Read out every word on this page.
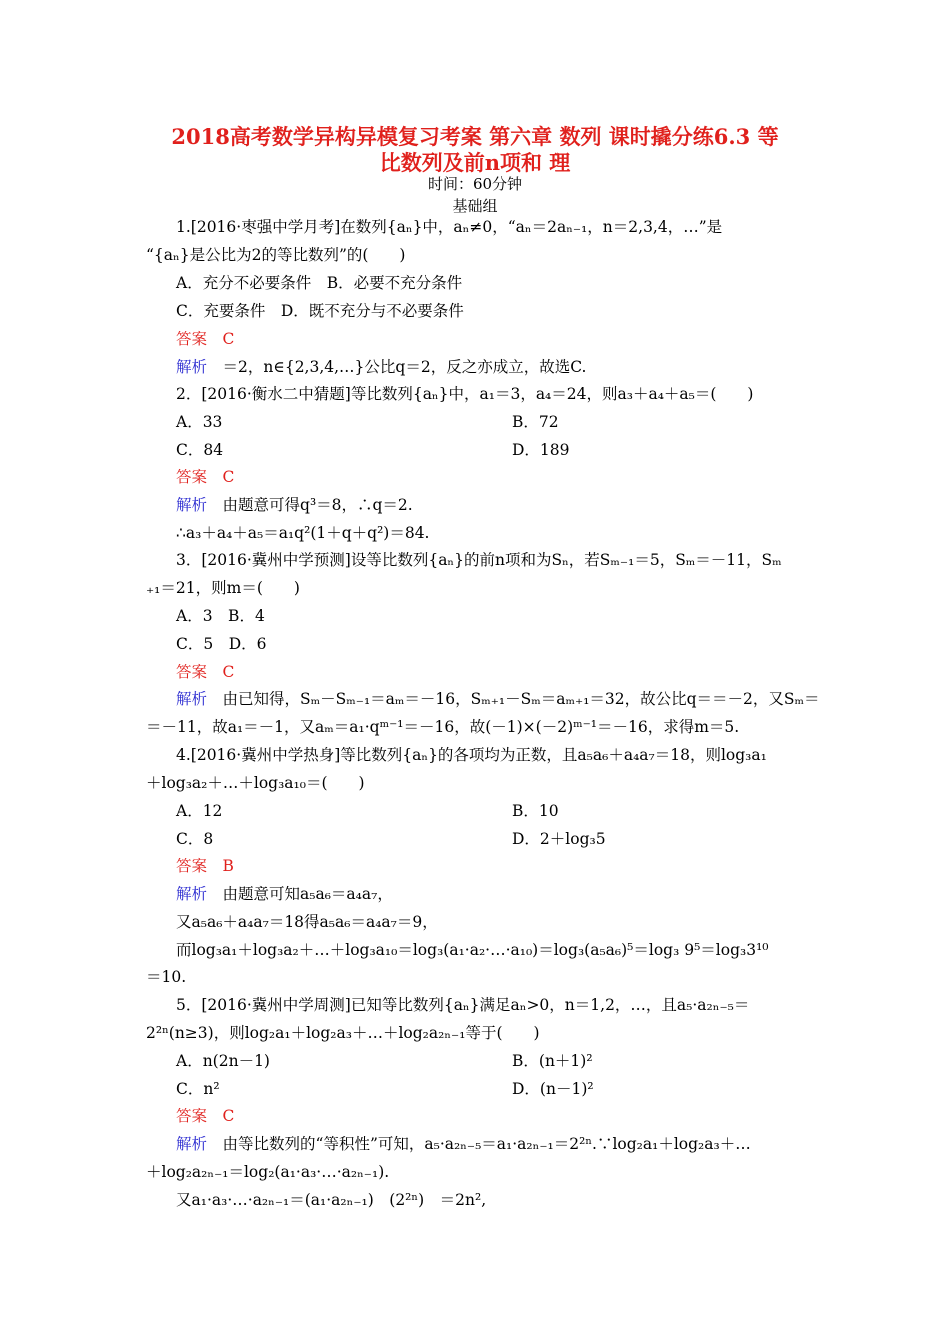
2018高考数学异构异模复习考案 第六章 数列 课时撬分练6.3 等
比数列及前n项和 理
时间：60分钟
基础组
1.[2016·枣强中学月考]在数列{aₙ}中，aₙ≠0，“aₙ＝2aₙ₋₁，n＝2,3,4，…”是
“{aₙ}是公比为2的等比数列”的(　　)
A．充分不必要条件　B．必要不充分条件
C．充要条件　D．既不充分与不必要条件
答案　C
解析　＝2，n∈{2,3,4,…}公比q＝2，反之亦成立，故选C.
2．[2016·衡水二中猜题]等比数列{aₙ}中，a₁＝3，a₄＝24，则a₃＋a₄＋a₅＝(　　)
A．33	B．72
C．84	D．189
答案　C
解析　由题意可得q³＝8，∴q＝2.
∴a₃＋a₄＋a₅＝a₁q²(1＋q＋q²)＝84.
3．[2016·冀州中学预测]设等比数列{aₙ}的前n项和为Sₙ，若Sₘ₋₁＝5，Sₘ＝－11，Sₘ
₊₁＝21，则m＝(　　)
A．3　B．4
C．5　D．6
答案　C
解析　由已知得，Sₘ－Sₘ₋₁＝aₘ＝－16，Sₘ₊₁－Sₘ＝aₘ₊₁＝32，故公比q＝＝－2，又Sₘ＝
＝－11，故a₁＝－1，又aₘ＝a₁·qᵐ⁻¹＝－16，故(－1)×(－2)ᵐ⁻¹＝－16，求得m＝5.
4.[2016·冀州中学热身]等比数列{aₙ}的各项均为正数，且a₅a₆＋a₄a₇＝18，则log₃a₁
＋log₃a₂＋…＋log₃a₁₀＝(　　)
A．12	B．10
C．8	D．2＋log₃5
答案　B
解析　由题意可知a₅a₆＝a₄a₇，
又a₅a₆＋a₄a₇＝18得a₅a₆＝a₄a₇＝9，
而log₃a₁＋log₃a₂＋…＋log₃a₁₀＝log₃(a₁·a₂·…·a₁₀)＝log₃(a₅a₆)⁵＝log₃ 9⁵＝log₃3¹⁰
＝10.
5．[2016·冀州中学周测]已知等比数列{aₙ}满足aₙ>0，n＝1,2，…，且a₅·a₂ₙ₋₅＝
2²ⁿ(n≥3)，则log₂a₁＋log₂a₃＋…＋log₂a₂ₙ₋₁等于(　　)
A．n(2n－1)	B．(n＋1)²
C．n²	D．(n－1)²
答案　C
解析　由等比数列的“等积性”可知，a₅·a₂ₙ₋₅＝a₁·a₂ₙ₋₁＝2²ⁿ.∵log₂a₁＋log₂a₃＋…
＋log₂a₂ₙ₋₁＝log₂(a₁·a₃·…·a₂ₙ₋₁).
又a₁·a₃·…·a₂ₙ₋₁＝(a₁·a₂ₙ₋₁)　(2²ⁿ)　＝2n²,
